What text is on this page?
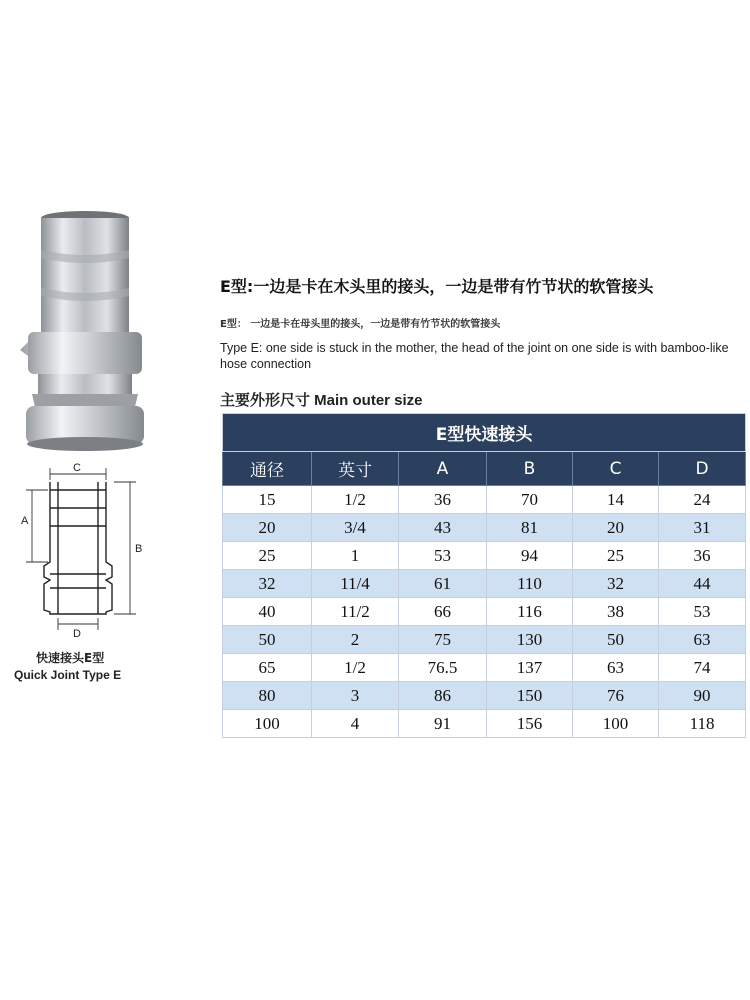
C
D
A
B
快速接头E型
Quick Joint Type E
E型:一边是卡在木头里的接头，一边是带有竹节状的软管接头
E型： 一边是卡在母头里的接头，一边是带有竹节状的软管接头
Type E: one side is stuck in the mother, the head of the joint on one side is with bamboo-like hose connection
主要外形尺寸 Main outer size
E型快速接头					
通径	英寸	A	B	C	D
15	1/2	36	70	14	24
20	3/4	43	81	20	31
25	1	53	94	25	36
32	11/4	61	110	32	44
40	11/2	66	116	38	53
50	2	75	130	50	63
65	1/2	76.5	137	63	74
80	3	86	150	76	90
100	4	91	156	100	118
